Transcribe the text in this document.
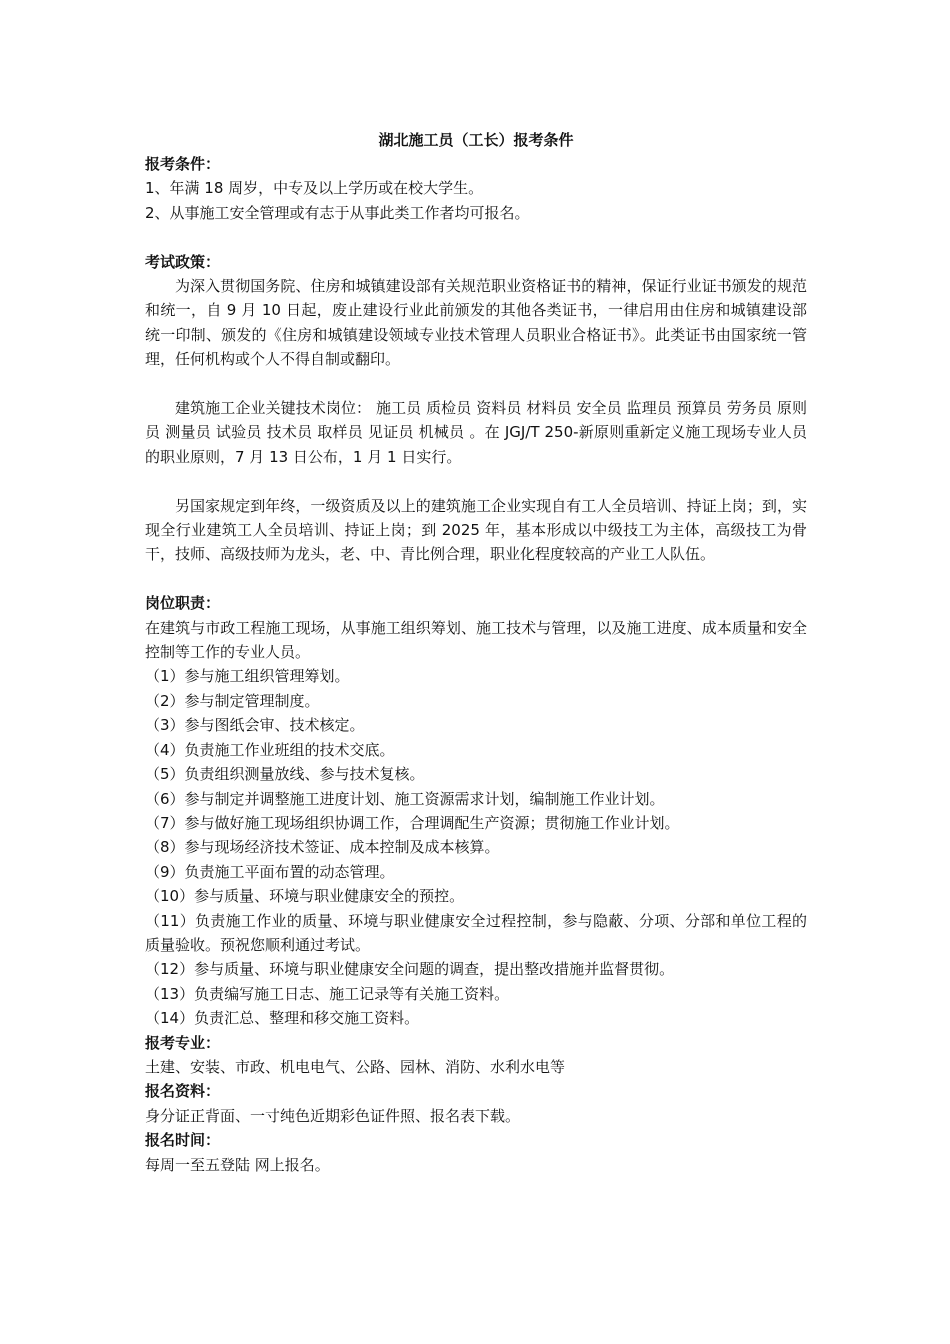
湖北施工员（工长）报考条件

报考条件：

1、年满 18 周岁，中专及以上学历或在校大学生。

2、从事施工安全管理或有志于从事此类工作者均可报名。

考试政策：

为深入贯彻国务院、住房和城镇建设部有关规范职业资格证书的精神，保证行业证书颁发的规范和统一，自 9 月 10 日起，废止建设行业此前颁发的其他各类证书，一律启用由住房和城镇建设部统一印制、颁发的《住房和城镇建设领域专业技术管理人员职业合格证书》。此类证书由国家统一管理，任何机构或个人不得自制或翻印。

建筑施工企业关键技术岗位： 施工员 质检员 资料员 材料员 安全员 监理员 预算员 劳务员 原则员 测量员 试验员 技术员 取样员 见证员 机械员 。在 JGJ/T 250-新原则重新定义施工现场专业人员的职业原则，7 月 13 日公布，1 月 1 日实行。

另国家规定到年终，一级资质及以上的建筑施工企业实现自有工人全员培训、持证上岗；到，实现全行业建筑工人全员培训、持证上岗；到 2025 年，基本形成以中级技工为主体，高级技工为骨干，技师、高级技师为龙头，老、中、青比例合理，职业化程度较高的产业工人队伍。

岗位职责：

在建筑与市政工程施工现场，从事施工组织筹划、施工技术与管理，以及施工进度、成本质量和安全控制等工作的专业人员。

（1）参与施工组织管理筹划。

（2）参与制定管理制度。

（3）参与图纸会审、技术核定。

（4）负责施工作业班组的技术交底。

（5）负责组织测量放线、参与技术复核。

（6）参与制定并调整施工进度计划、施工资源需求计划，编制施工作业计划。

（7）参与做好施工现场组织协调工作，合理调配生产资源；贯彻施工作业计划。

（8）参与现场经济技术签证、成本控制及成本核算。

（9）负责施工平面布置的动态管理。

（10）参与质量、环境与职业健康安全的预控。

（11）负责施工作业的质量、环境与职业健康安全过程控制，参与隐蔽、分项、分部和单位工程的质量验收。预祝您顺利通过考试。

（12）参与质量、环境与职业健康安全问题的调查，提出整改措施并监督贯彻。

（13）负责编写施工日志、施工记录等有关施工资料。

（14）负责汇总、整理和移交施工资料。

报考专业：

土建、安装、市政、机电电气、公路、园林、消防、水利水电等

报名资料：

身分证正背面、一寸纯色近期彩色证件照、报名表下载。

报名时间：

每周一至五登陆 网上报名。
